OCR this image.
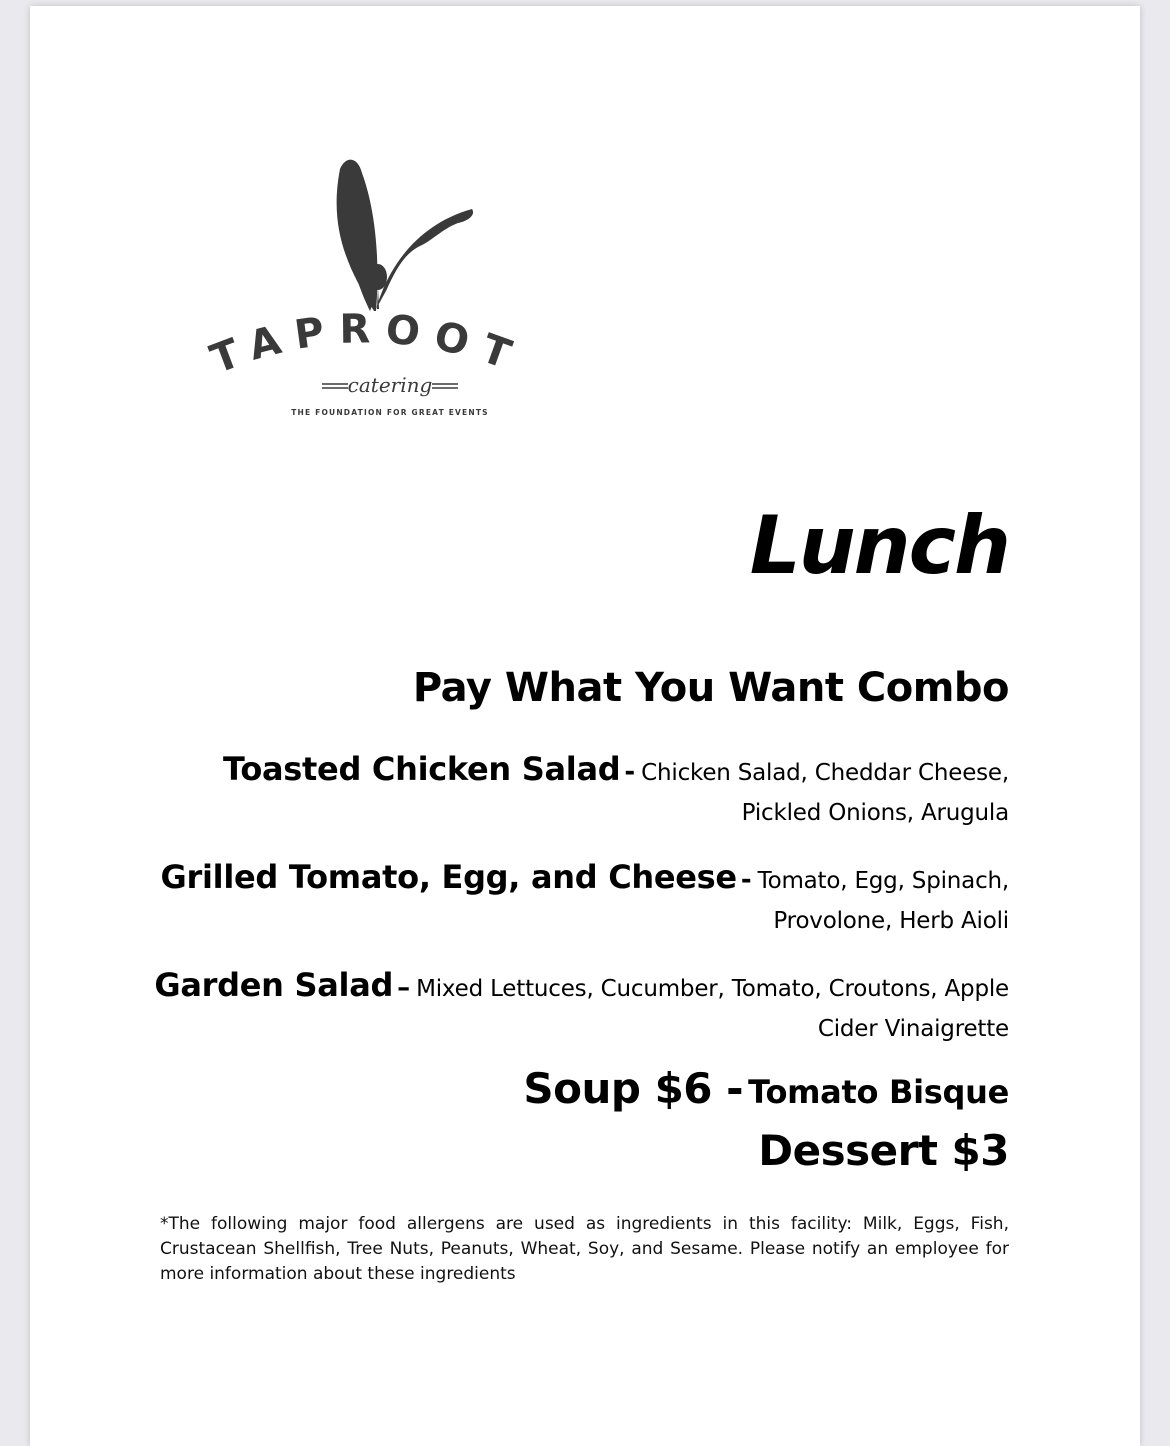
TAPROOT
catering
THE FOUNDATION FOR GREAT EVENTS
Lunch
Pay What You Want Combo

Toasted Chicken Salad - Chicken Salad, Cheddar Cheese, Pickled Onions, Arugula

Grilled Tomato, Egg, and Cheese - Tomato, Egg, Spinach, Provolone, Herb Aioli

Garden Salad – Mixed Lettuces, Cucumber, Tomato, Croutons, Apple Cider Vinaigrette

Soup $6 - Tomato Bisque

Dessert $3

*The following major food allergens are used as ingredients in this facility: Milk, Eggs, Fish, Crustacean Shellfish, Tree Nuts, Peanuts, Wheat, Soy, and Sesame. Please notify an employee for more information about these ingredients
